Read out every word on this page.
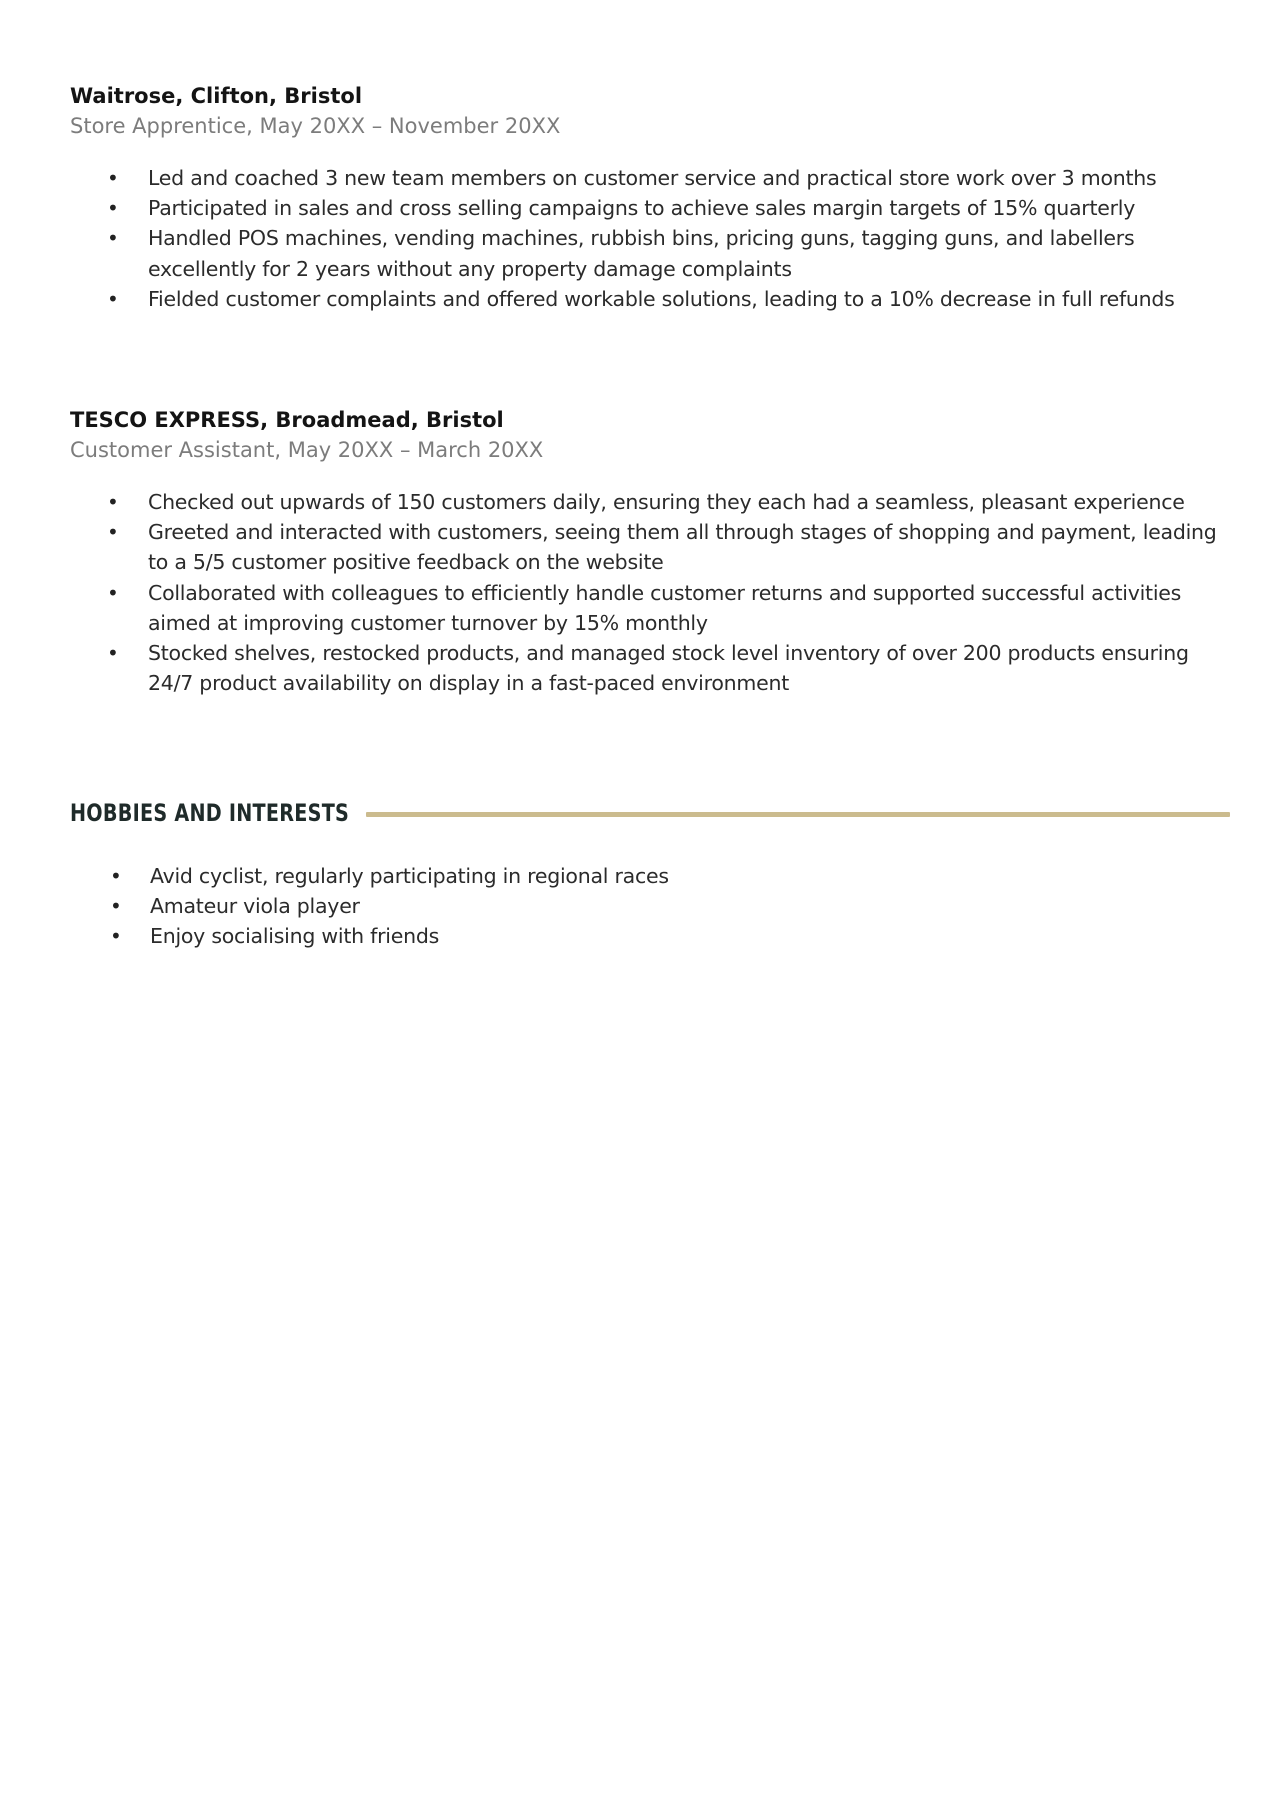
Waitrose, Clifton, Bristol

Store Apprentice, May 20XX – November 20XX

• Led and coached 3 new team members on customer service and practical store work over 3 months
• Participated in sales and cross selling campaigns to achieve sales margin targets of 15% quarterly
• Handled POS machines, vending machines, rubbish bins, pricing guns, tagging guns, and labellers excellently for 2 years without any property damage complaints
• Fielded customer complaints and offered workable solutions, leading to a 10% decrease in full refunds

TESCO EXPRESS, Broadmead, Bristol

Customer Assistant, May 20XX – March 20XX

• Checked out upwards of 150 customers daily, ensuring they each had a seamless, pleasant experience
• Greeted and interacted with customers, seeing them all through stages of shopping and payment, leading to a 5/5 customer positive feedback on the website
• Collaborated with colleagues to efficiently handle customer returns and supported successful activities aimed at improving customer turnover by 15% monthly
• Stocked shelves, restocked products, and managed stock level inventory of over 200 products ensuring 24/7 product availability on display in a fast-paced environment
HOBBIES AND INTERESTS
• Avid cyclist, regularly participating in regional races
• Amateur viola player
• Enjoy socialising with friends
